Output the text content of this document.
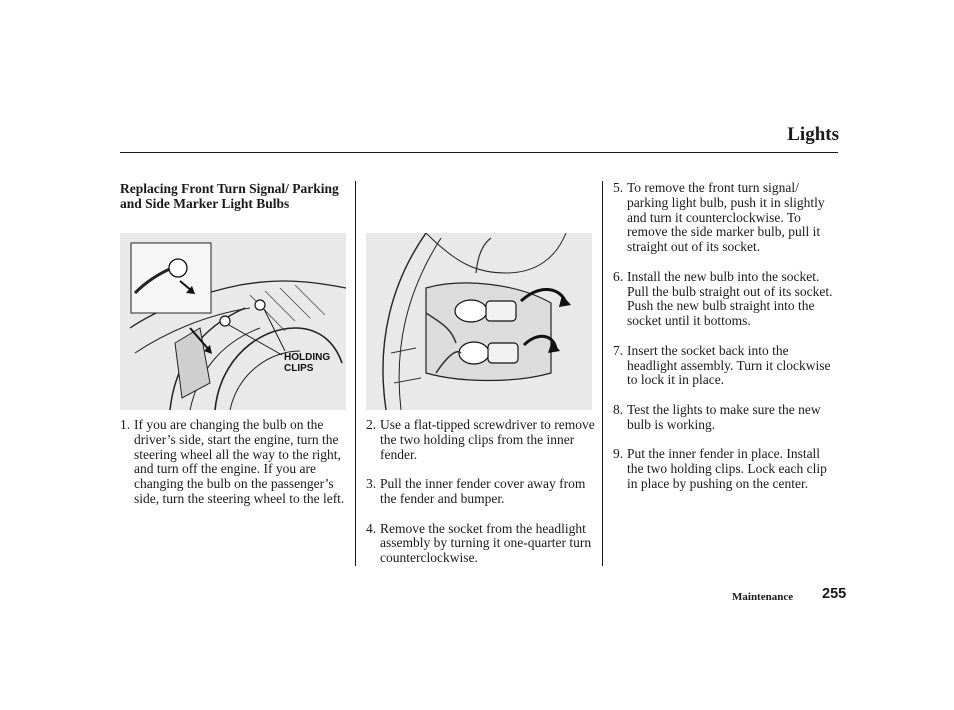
Lights
Replacing Front Turn Signal/ Parking and Side Marker Light Bulbs
HOLDING
CLIPS
1. If you are changing the bulb on the driver’s side, start the engine, turn the steering wheel all the way to the right, and turn off the engine. If you are changing the bulb on the passenger’s side, turn the steering wheel to the left.
2. Use a flat-tipped screwdriver to remove the two holding clips from the inner fender.
3. Pull the inner fender cover away from the fender and bumper.
4. Remove the socket from the headlight assembly by turning it one-quarter turn counterclockwise.
5. To remove the front turn signal/ parking light bulb, push it in slightly and turn it counterclockwise. To remove the side marker bulb, pull it straight out of its socket.
6. Install the new bulb into the socket.
Pull the bulb straight out of its socket.
Push the new bulb straight into the socket until it bottoms.
7. Insert the socket back into the headlight assembly. Turn it clockwise to lock it in place.
8. Test the lights to make sure the new bulb is working.
9. Put the inner fender in place. Install the two holding clips. Lock each clip in place by pushing on the center.
Maintenance 255
